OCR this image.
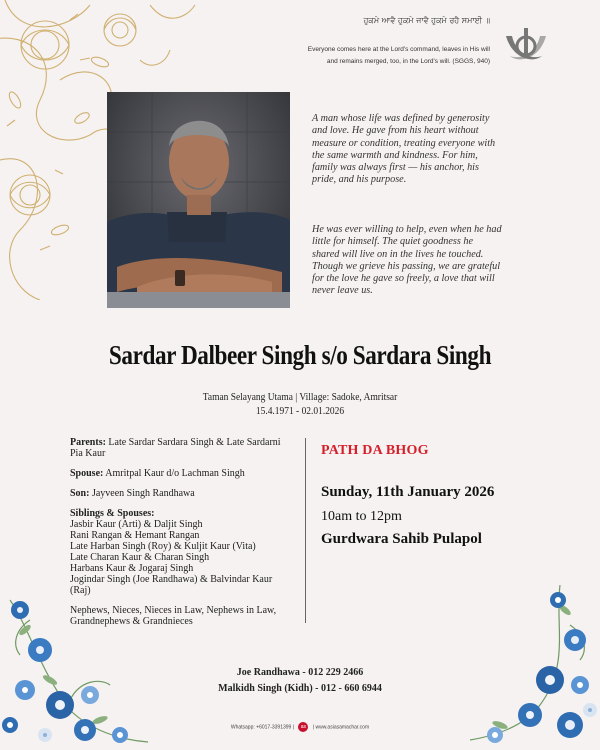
ਹੁਕਮੇ ਆਵੈ ਹੁਕਮੇ ਜਾਵੈ ਹੁਕਮੇ ਰਹੈ ਸਮਾਈ ॥
Everyone comes here at the Lord's command, leaves in His will
and remains merged, too, in the Lord's will. (SGGS, 940)
A man whose life was defined by generosity and love. He gave from his heart without measure or condition, treating everyone with the same warmth and kindness. For him, family was always first — his anchor, his pride, and his purpose.
He was ever willing to help, even when he had little for himself. The quiet goodness he shared will live on in the lives he touched. Though we grieve his passing, we are grateful for the love he gave so freely, a love that will never leave us.
Sardar Dalbeer Singh s/o Sardara Singh
Taman Selayang Utama | Village: Sadoke, Amritsar
15.4.1971 - 02.01.2026
Parents: Late Sardar Sardara Singh & Late Sardarni Pia Kaur
Spouse: Amritpal Kaur d/o Lachman Singh
Son: Jayveen Singh Randhawa
Siblings & Spouses:
Jasbir Kaur (Arti) & Daljit Singh
Rani Rangan & Hemant Rangan
Late Harban Singh (Roy) & Kuljit Kaur (Vita)
Late Charan Kaur & Charan Singh
Harbans Kaur & Jogaraj Singh
Jogindar Singh (Joe Randhawa) & Balvindar Kaur (Raj)
Nephews, Nieces, Nieces in Law, Nephews in Law, Grandnephews & Grandnieces
PATH DA BHOG
Sunday, 11th January 2026
10am to 12pm
Gurdwara Sahib Pulapol
Joe Randhawa - 012 229 2466
Malkidh Singh (Kidh) - 012 - 660 6944
Whatsapp: +6017-3391399 | as | www.asiasamachar.com
